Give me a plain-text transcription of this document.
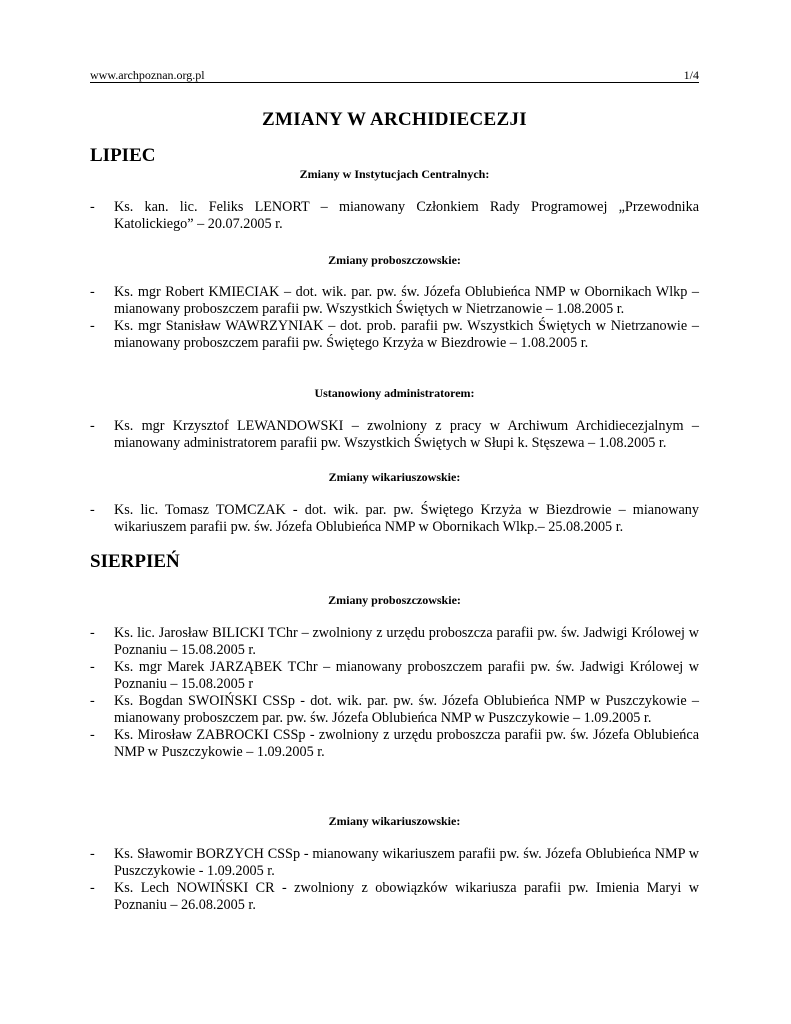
www.archpoznan.org.pl	1/4
ZMIANY W ARCHIDIECEZJI
LIPIEC
Zmiany w Instytucjach Centralnych:
- Ks. kan. lic. Feliks LENORT – mianowany Członkiem Rady Programowej „Przewodnika Katolickiego” – 20.07.2005 r.
Zmiany proboszczowskie:
- Ks. mgr Robert KMIECIAK – dot. wik. par. pw. św. Józefa Oblubieńca NMP w Obornikach Wlkp – mianowany proboszczem parafii pw. Wszystkich Świętych w Nietrzanowie – 1.08.2005 r.
- Ks. mgr Stanisław WAWRZYNIAK – dot. prob. parafii pw. Wszystkich Świętych w Nietrzanowie – mianowany proboszczem parafii pw. Świętego Krzyża w Biezdrowie – 1.08.2005 r.
Ustanowiony administratorem:
- Ks. mgr Krzysztof LEWANDOWSKI – zwolniony z pracy w Archiwum Archidiecezjalnym – mianowany administratorem parafii pw. Wszystkich Świętych w Słupi k. Stęszewa – 1.08.2005 r.
Zmiany wikariuszowskie:
- Ks. lic. Tomasz TOMCZAK - dot. wik. par. pw. Świętego Krzyża w Biezdrowie – mianowany wikariuszem parafii pw. św. Józefa Oblubieńca NMP w Obornikach Wlkp.– 25.08.2005 r.
SIERPIEŃ
Zmiany proboszczowskie:
- Ks. lic. Jarosław BILICKI TChr – zwolniony z urzędu proboszcza parafii pw. św. Jadwigi Królowej w Poznaniu – 15.08.2005 r.
- Ks. mgr Marek JARZĄBEK TChr – mianowany proboszczem parafii pw. św. Jadwigi Królowej w Poznaniu – 15.08.2005 r
- Ks. Bogdan SWOIŃSKI CSSp - dot. wik. par. pw. św. Józefa Oblubieńca NMP w Puszczykowie – mianowany proboszczem par. pw. św. Józefa Oblubieńca NMP w Puszczykowie – 1.09.2005 r.
- Ks. Mirosław ZABROCKI CSSp - zwolniony z urzędu proboszcza parafii pw. św. Józefa Oblubieńca NMP w Puszczykowie – 1.09.2005 r.
Zmiany wikariuszowskie:
- Ks. Sławomir BORZYCH CSSp - mianowany wikariuszem parafii pw. św. Józefa Oblubieńca NMP w Puszczykowie - 1.09.2005 r.
- Ks. Lech NOWIŃSKI CR - zwolniony z obowiązków wikariusza parafii pw. Imienia Maryi w Poznaniu – 26.08.2005 r.
